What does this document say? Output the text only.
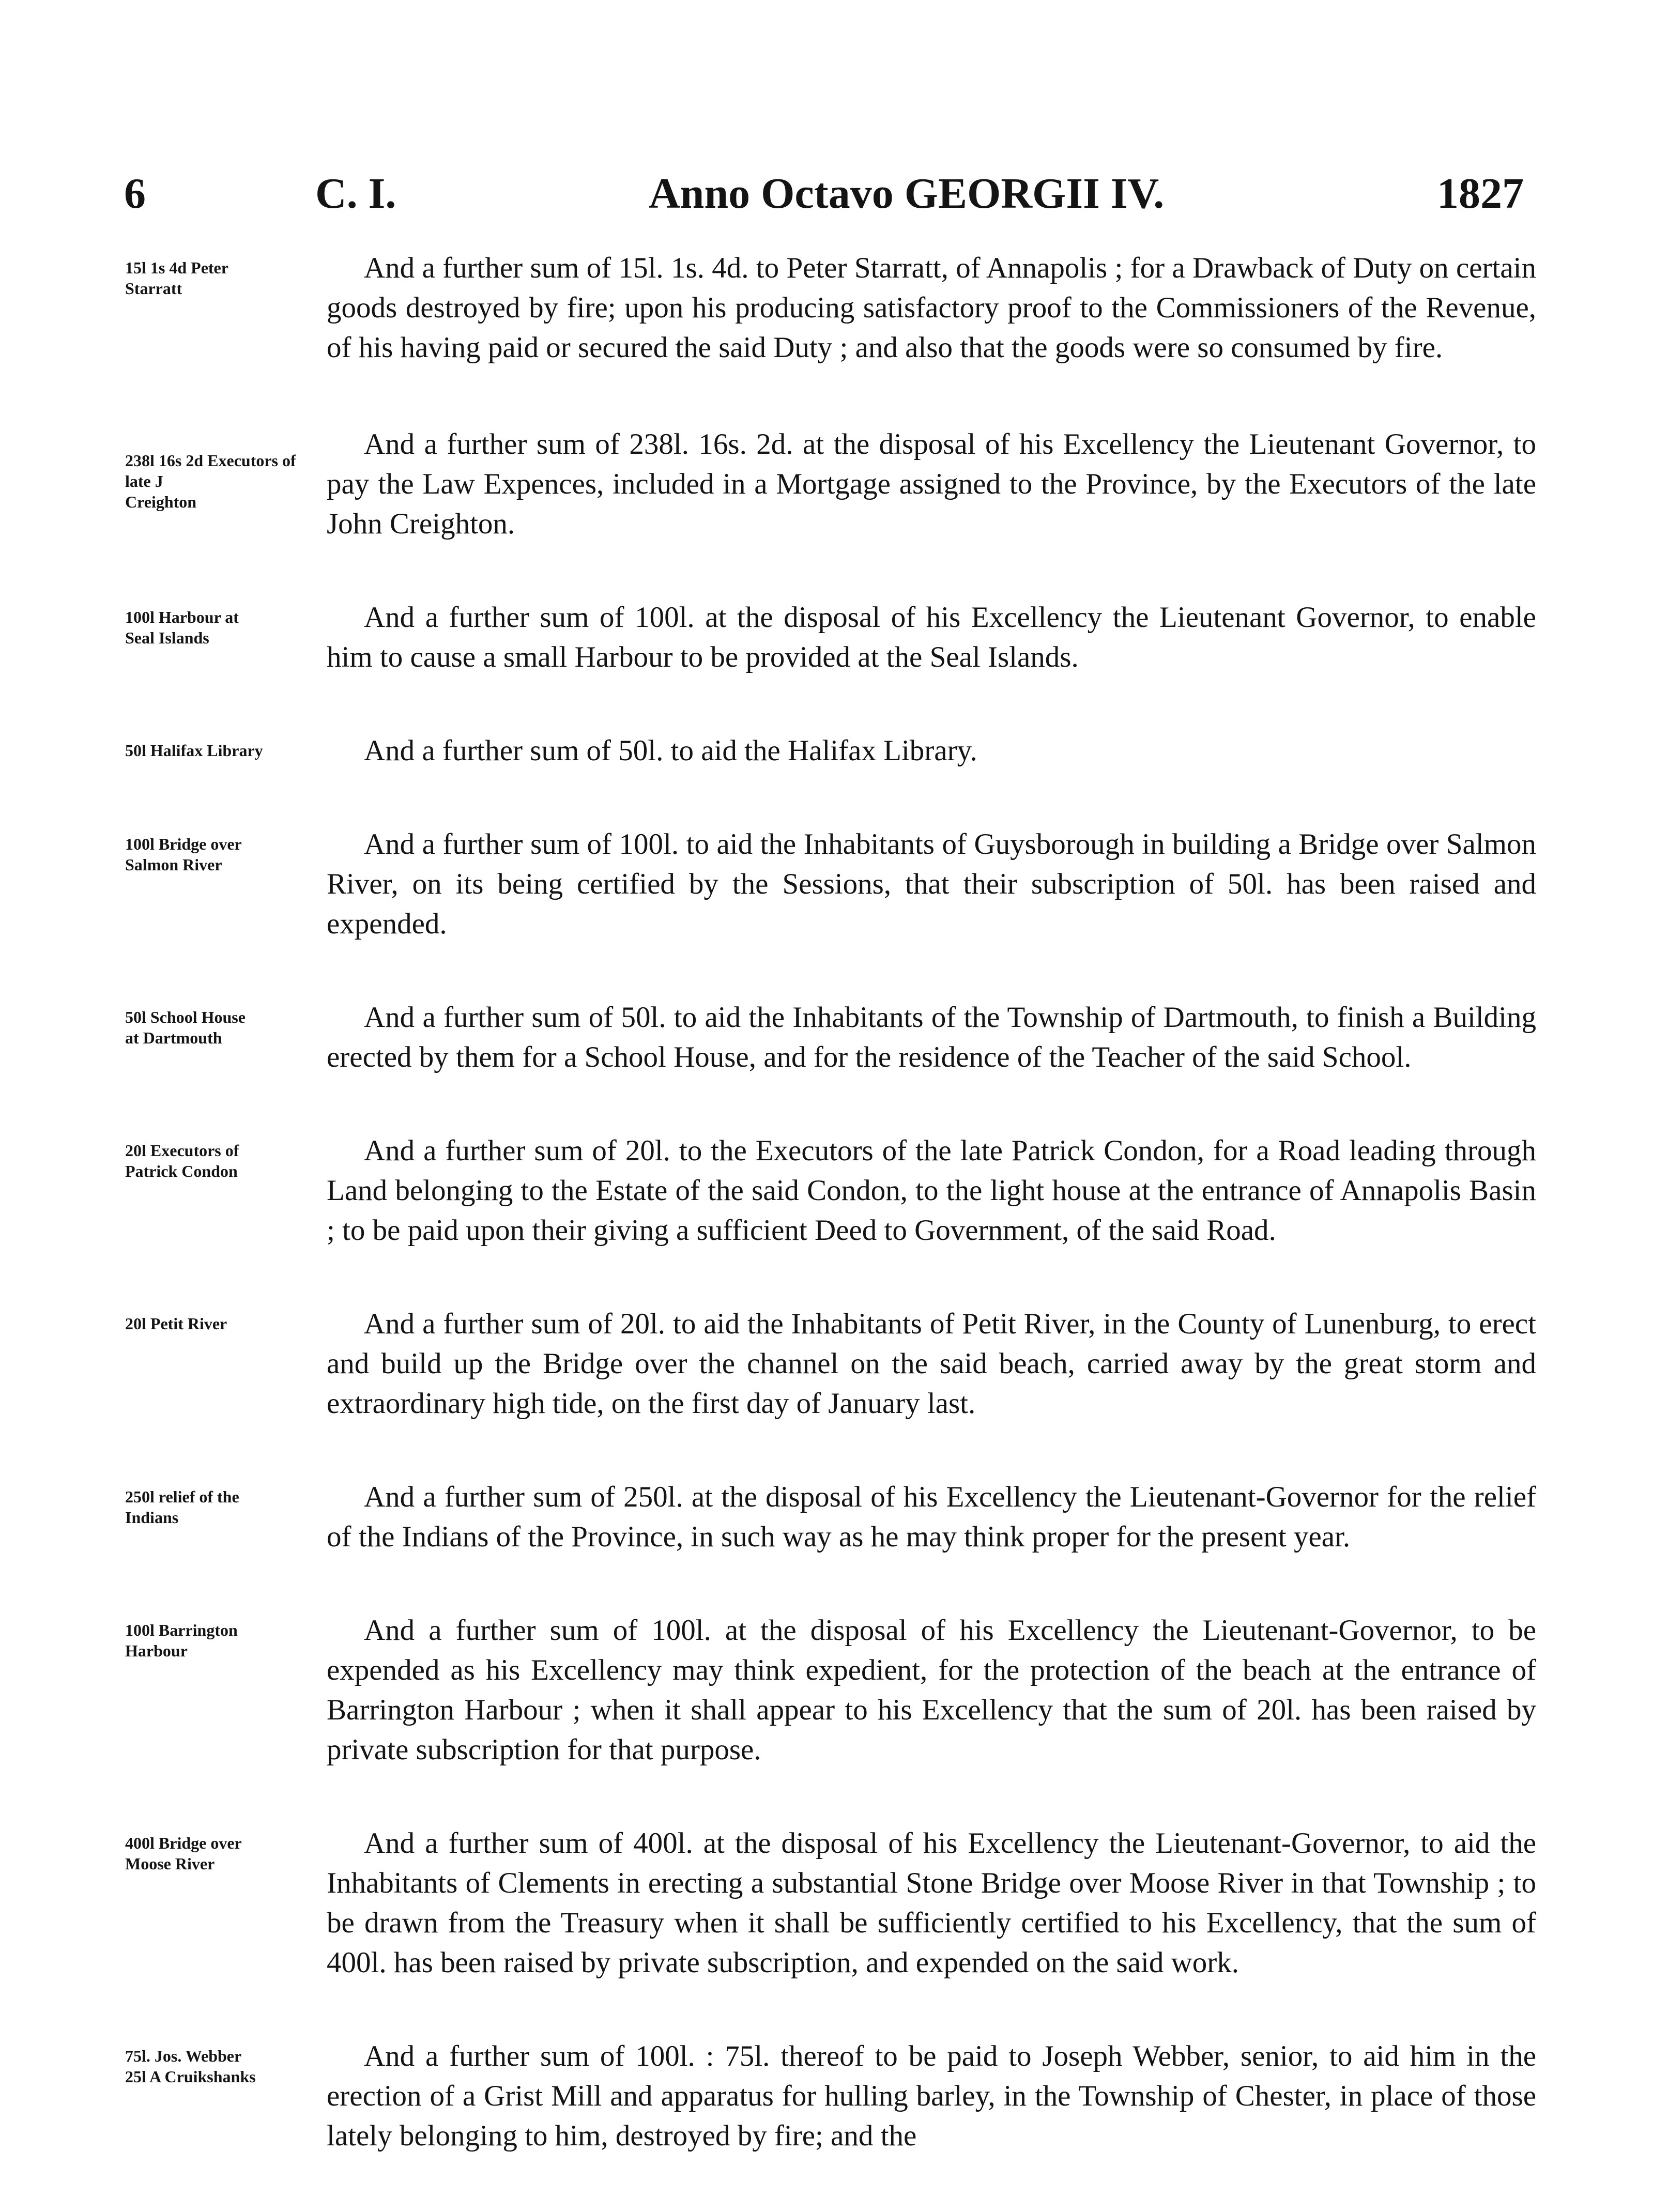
6	C. I.	Anno Octavo GEORGII IV.	1827
15l 1s 4d Peter
Starratt
And a further sum of 15l. 1s. 4d. to Peter Starratt, of Annapolis ; for a Drawback of Duty on certain goods destroyed by fire; upon his producing satisfactory proof to the Commissioners of the Revenue, of his having paid or secured the said Duty ; and also that the goods were so consumed by fire.
238l 16s 2d Executors of late J
Creighton
And a further sum of 238l. 16s. 2d. at the disposal of his Excellency the Lieutenant Governor, to pay the Law Expences, included in a Mortgage assigned to the Province, by the Executors of the late John Creighton.
100l Harbour at
Seal Islands
And a further sum of 100l. at the disposal of his Excellency the Lieutenant Governor, to enable him to cause a small Harbour to be provided at the Seal Islands.
50l Halifax Library	And a further sum of 50l. to aid the Halifax Library.
100l Bridge over
Salmon River
And a further sum of 100l. to aid the Inhabitants of Guysborough in building a Bridge over Salmon River, on its being certified by the Sessions, that their subscription of 50l. has been raised and expended.
50l School House
at Dartmouth
And a further sum of 50l. to aid the Inhabitants of the Township of Dartmouth, to finish a Building erected by them for a School House, and for the residence of the Teacher of the said School.
20l Executors of
Patrick Condon
And a further sum of 20l. to the Executors of the late Patrick Condon, for a Road leading through Land belonging to the Estate of the said Condon, to the light house at the entrance of Annapolis Basin ; to be paid upon their giving a sufficient Deed to Government, of the said Road.
20l Petit River	And a further sum of 20l. to aid the Inhabitants of Petit River, in the County of Lunenburg, to erect and build up the Bridge over the channel on the said beach, carried away by the great storm and extraordinary high tide, on the first day of January last.
250l relief of the
Indians
And a further sum of 250l. at the disposal of his Excellency the Lieutenant-Governor for the relief of the Indians of the Province, in such way as he may think proper for the present year.
100l Barrington
Harbour
And a further sum of 100l. at the disposal of his Excellency the Lieutenant-Governor, to be expended as his Excellency may think expedient, for the protection of the beach at the entrance of Barrington Harbour ; when it shall appear to his Excellency that the sum of 20l. has been raised by private subscription for that purpose.
400l Bridge over
Moose River
And a further sum of 400l. at the disposal of his Excellency the Lieutenant-Governor, to aid the Inhabitants of Clements in erecting a substantial Stone Bridge over Moose River in that Township ; to be drawn from the Treasury when it shall be sufficiently certified to his Excellency, that the sum of 400l. has been raised by private subscription, and expended on the said work.
75l. Jos. Webber
25l A Cruikshanks
And a further sum of 100l. : 75l. thereof to be paid to Joseph Webber, senior, to aid him in the erection of a Grist Mill and apparatus for hulling barley, in the Township of Chester, in place of those lately belonging to him, destroyed by fire; and the
